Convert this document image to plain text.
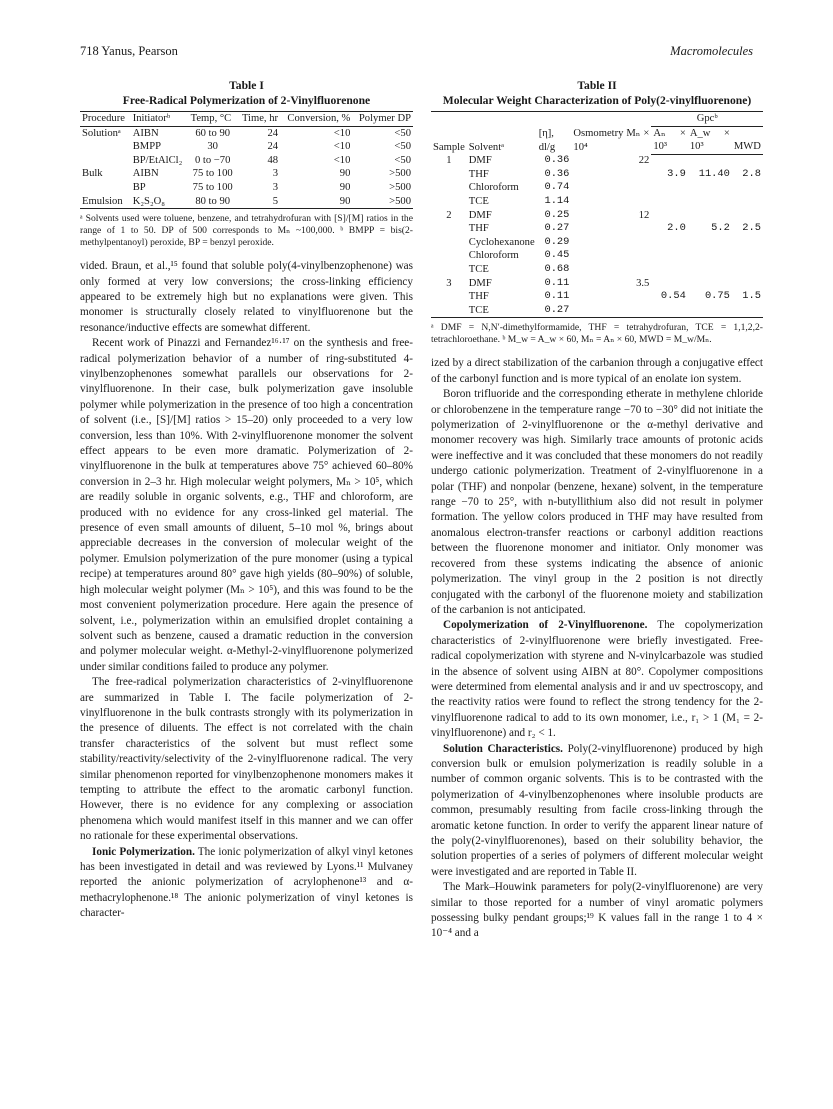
718 Yanus, Pearson	Macromolecules
Table I
Free-Radical Polymerization of 2-Vinylfluorenone
Procedure	Initiatorᵇ	Temp, °C	Time, hr	Conversion, %	Polymer DP
Solutionᵃ	AIBN	60 to 90	24	<10	<50
	BMPP	30	24	<10	<50
	BP/EtAlCl₂	0 to −70	48	<10	<50
Bulk	AIBN	75 to 100	3	90	>500
	BP	75 to 100	3	90	>500
Emulsion	K₂S₂O₈	80 to 90	5	90	>500
ᵃ Solvents used were toluene, benzene, and tetrahydrofuran with [S]/[M] ratios in the range of 1 to 50. DP of 500 corresponds to Mₙ ~100,000. ᵇ BMPP = bis(2-methylpentanoyl) peroxide, BP = benzyl peroxide.

vided. Braun, et al.,¹⁵ found that soluble poly(4-vinylbenzophenone) was only formed at very low conversions; the cross-linking efficiency appeared to be extremely high but no explanations were given. This monomer is structurally closely related to vinylfluorenone but the resonance/inductive effects are somewhat different.

Recent work of Pinazzi and Fernandez¹⁶·¹⁷ on the synthesis and free-radical polymerization behavior of a number of ring-substituted 4-vinylbenzophenones somewhat parallels our observations for 2-vinylfluorenone. In their case, bulk polymerization gave insoluble polymer while polymerization in the presence of too high a concentration of solvent (i.e., [S]/[M] ratios > 15–20) only proceeded to a very low conversion, less than 10%. With 2-vinylfluorenone monomer the solvent effect appears to be even more dramatic. Polymerization of 2-vinylfluorenone in the bulk at temperatures above 75° achieved 60–80% conversion in 2–3 hr. High molecular weight polymers, Mₙ > 10⁵, which are readily soluble in organic solvents, e.g., THF and chloroform, are produced with no evidence for any cross-linked gel material. The presence of even small amounts of diluent, 5–10 mol %, brings about appreciable decreases in the conversion of molecular weight of the polymer. Emulsion polymerization of the pure monomer (using a typical recipe) at temperatures around 80° gave high yields (80–90%) of soluble, high molecular weight polymer (Mₙ > 10⁵), and this was found to be the most convenient polymerization procedure. Here again the presence of solvent, i.e., polymerization within an emulsified droplet containing a solvent such as benzene, caused a dramatic reduction in the conversion and polymer molecular weight. α-Methyl-2-vinylfluorenone polymerized under similar conditions failed to produce any polymer.

The free-radical polymerization characteristics of 2-vinylfluorenone are summarized in Table I. The facile polymerization of 2-vinylfluorenone in the bulk contrasts strongly with its polymerization in the presence of diluents. The effect is not correlated with the chain transfer characteristics of the solvent but must reflect some stability/reactivity/selectivity of the 2-vinylfluorenone radical. The very similar phenomenon reported for vinylbenzophenone monomers makes it tempting to attribute the effect to the aromatic carbonyl function. However, there is no evidence for any complexing or association phenomena which would manifest itself in this manner and we can offer no rationale for these experimental observations.

Ionic Polymerization. The ionic polymerization of alkyl vinyl ketones has been investigated in detail and was reviewed by Lyons.¹¹ Mulvaney reported the anionic polymerization of acrylophenone¹³ and α-methacrylophenone.¹⁸ The anionic polymerization of vinyl ketones is character-

Table II
Molecular Weight Characterization of Poly(2-vinylfluorenone)
Sample	Solventᵃ	[η], dl/g	Osmometry Mₙ × 10⁴	Gpcᵇ		
				Aₙ × 10³	A_w × 10³	MWD
1	DMF	0.36	22			
	THF	0.36		3.9	11.40	2.8
	Chloroform	0.74				
	TCE	1.14				
2	DMF	0.25	12			
	THF	0.27		2.0	5.2	2.5
	Cyclohexanone	0.29				
	Chloroform	0.45				
	TCE	0.68				
3	DMF	0.11	3.5			
	THF	0.11		0.54	0.75	1.5
	TCE	0.27				
ᵃ DMF = N,N′-dimethylformamide, THF = tetrahydrofuran, TCE = 1,1,2,2-tetrachloroethane. ᵇ M_w = A_w × 60, Mₙ = Aₙ × 60, MWD = M_w/Mₙ.

ized by a direct stabilization of the carbanion through a conjugative effect of the carbonyl function and is more typical of an enolate ion system.

Boron trifluoride and the corresponding etherate in methylene chloride or chlorobenzene in the temperature range −70 to −30° did not initiate the polymerization of 2-vinylfluorenone or the α-methyl derivative and monomer recovery was high. Similarly trace amounts of protonic acids were ineffective and it was concluded that these monomers do not readily undergo cationic polymerization. Treatment of 2-vinylfluorenone in a polar (THF) and nonpolar (benzene, hexane) solvent, in the temperature range −70 to 25°, with n-butyllithium also did not result in polymer formation. The yellow colors produced in THF may have resulted from anomalous electron-transfer reactions or carbonyl addition reactions between the fluorenone monomer and initiator. Only monomer was recovered from these systems indicating the absence of anionic polymerization. The vinyl group in the 2 position is not directly conjugated with the carbonyl of the fluorenone moiety and stabilization of the carbanion is not anticipated.

Copolymerization of 2-Vinylfluorenone. The copolymerization characteristics of 2-vinylfluorenone were briefly investigated. Free-radical copolymerization with styrene and N-vinylcarbazole was studied in the absence of solvent using AIBN at 80°. Copolymer compositions were determined from elemental analysis and ir and uv spectroscopy, and the reactivity ratios were found to reflect the strong tendency for the 2-vinylfluorenone radical to add to its own monomer, i.e., r₁ > 1 (M₁ = 2-vinylfluorenone) and r₂ < 1.

Solution Characteristics. Poly(2-vinylfluorenone) produced by high conversion bulk or emulsion polymerization is readily soluble in a number of common organic solvents. This is to be contrasted with the polymerization of 4-vinylbenzophenones where insoluble products are common, presumably resulting from facile cross-linking through the aromatic ketone function. In order to verify the apparent linear nature of the poly(2-vinylfluorenones), based on their solubility behavior, the solution properties of a series of polymers of different molecular weight were investigated and are reported in Table II.

The Mark–Houwink parameters for poly(2-vinylfluorenone) are very similar to those reported for a number of vinyl aromatic polymers possessing bulky pendant groups;¹⁹ K values fall in the range 1 to 4 × 10⁻⁴ and a
